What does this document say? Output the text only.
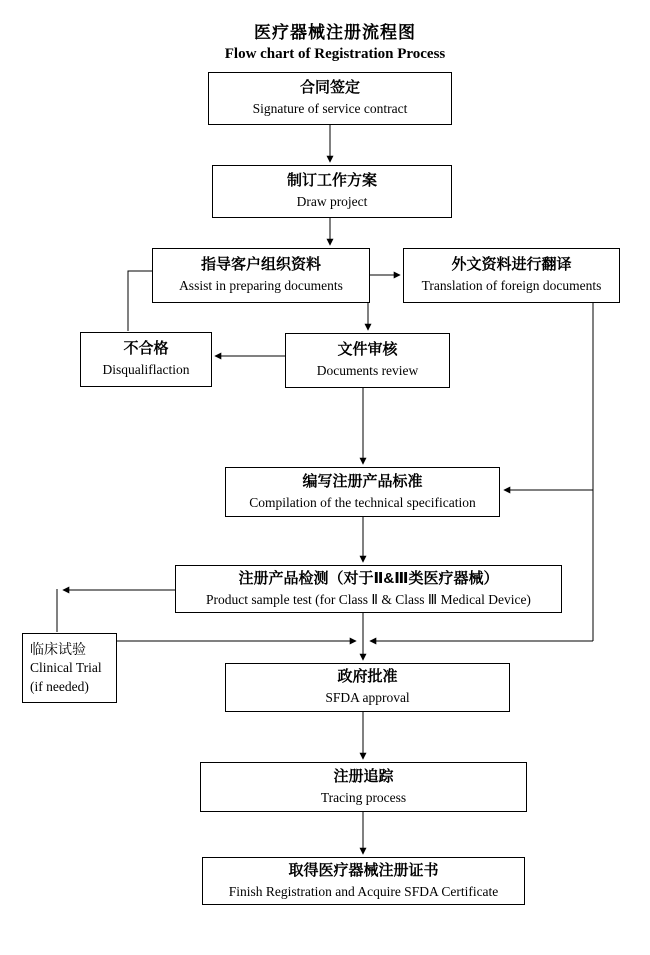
医疗器械注册流程图
Flow chart of Registration Process
合同签定
Signature of service contract
制订工作方案
Draw project
指导客户组织资料
Assist in preparing documents
外文资料进行翻译
Translation of foreign documents
不合格
Disqualiflaction
文件审核
Documents review
编写注册产品标准
Compilation of the technical specification
注册产品检测（对于Ⅱ&Ⅲ类医疗器械）
Product sample test (for Class Ⅱ & Class Ⅲ Medical Device)
临床试验
Clinical Trial
(if needed)
政府批准
SFDA approval
注册追踪
Tracing process
取得医疗器械注册证书
Finish Registration and Acquire SFDA Certificate
